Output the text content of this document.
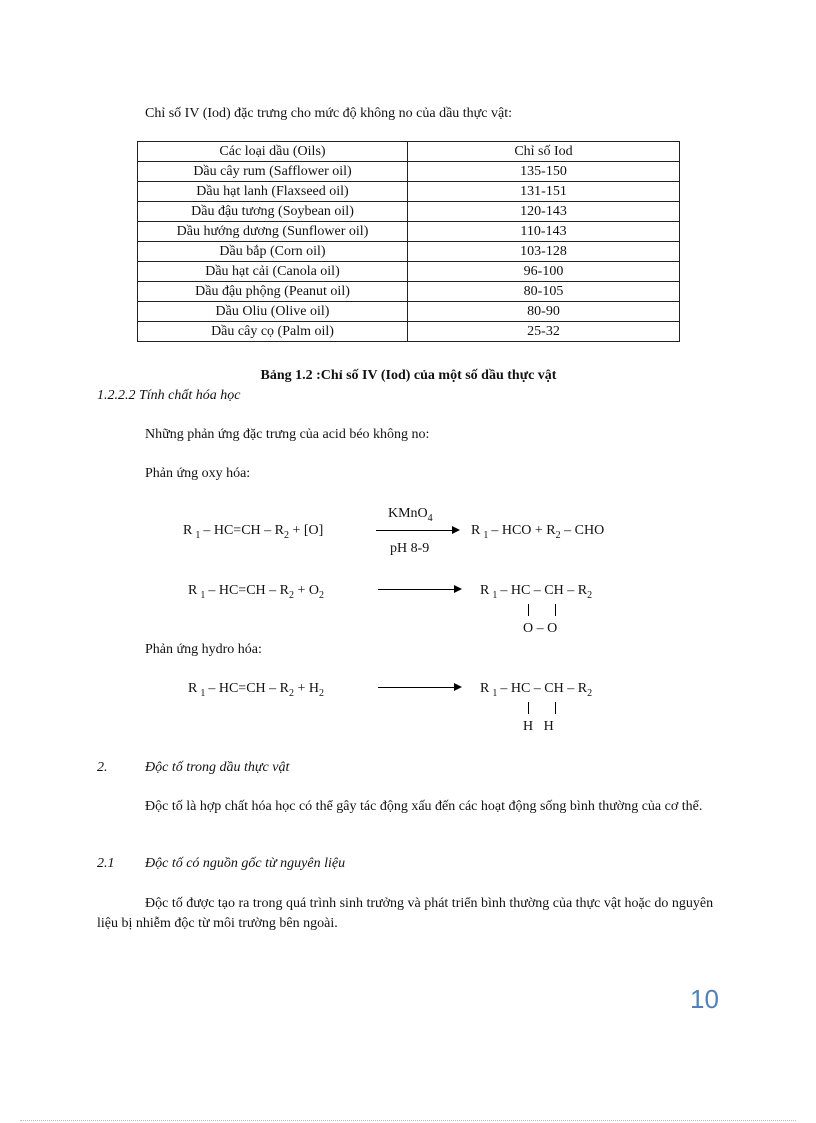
Chỉ số IV (Iod) đặc trưng cho mức độ không no của dầu thực vật:
Các loại dầu (Oils)	Chỉ số Iod
Dầu cây rum (Safflower oil)	135-150
Dầu hạt lanh (Flaxseed oil)	131-151
Dầu đậu tương (Soybean oil)	120-143
Dầu hướng dương (Sunflower oil)	110-143
Dầu bắp (Corn oil)	103-128
Dầu hạt cải (Canola oil)	96-100
Dầu đậu phộng (Peanut oil)	80-105
Dầu Oliu (Olive oil)	80-90
Dầu cây cọ (Palm oil)	25-32
Bảng 1.2 :Chỉ số IV (Iod) của một số dầu thực vật
1.2.2.2 Tính chất hóa học
Những phản ứng đặc trưng của acid béo không no:
Phản ứng oxy hóa:
R $_1 - HC=CH - R_2 + [O]$
KMnO$_4$
pH 8-9
R $_1$ – HCO + $R_2$ – CHO
R $_1 - HC=CH - R_2 + O_2$	R $_1$ – HC – CH – $R_2$
O – O
Phản ứng hydro hóa:
R $_1 - HC=CH - R_2 + H_2$	R $_1$ – HC – CH – $R_2$
H   H
2.	Độc tố trong dầu thực vật
Độc tố là hợp chất hóa học có thể gây tác động xấu đến các hoạt động sống bình thường của cơ thể.
2.1 Độc tố có nguồn gốc từ nguyên liệu
Độc tố được tạo ra trong quá trình sinh trưởng và phát triển bình thường của thực vật hoặc do nguyên liệu bị nhiễm độc từ môi trường bên ngoài.
10
